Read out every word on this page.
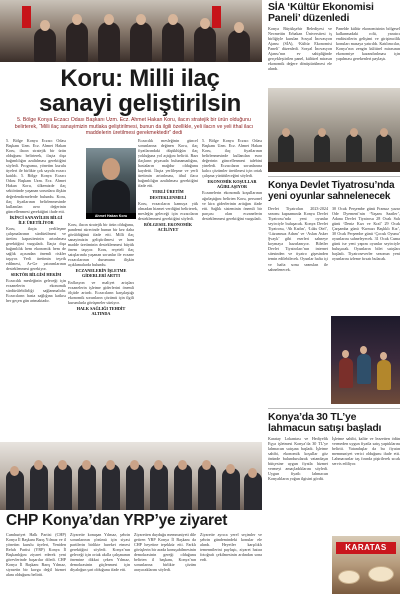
Koru: Milli ilaç
sanayi geliştirilsin
5. Bölge Konya Eczacı Odası Başkanı Uzm. Ecz. Ahmet Hakan Koru, ilacın stratejik bir ürün olduğunu belirterek, “Milli ilaç sanayimizin mutlaka geliştirilmesi, bunun da ilgili özellikle, yeli ilacın ve yeli ithal ilacı maddelerin üretilmesi gerekmektedir” dedi
5. Bölge Konya Eczacı Odası Başkanı Uzm. Ecz. Ahmet Hakan Koru, ilacın stratejik bir ürün olduğunu belirterek, ilaçta dışa bağımlılığın azaltılması gerektiğini söyledi. Programa, yönetim kurulu üyeleri ile birlikte çok sayıda eczacı katıldı. 5. Bölge Konya Eczacı Odası Başkanı Uzm. Ecz. Ahmet Hakan Koru, ülkemizde ilaç sektöründe yaşanan sorunlara ilişkin değerlendirmelerde bulundu. Koru, ilaç fiyatlarının belirlenmesinde kullanılan avro değerinin güncellenmesi gerektiğini ifade etti.
İKİNCİ SANAYİLER BİLGİ İLE ÜRETİLİYOR
Koru, ilaçta yerlileşme çalışmalarının sürdürülmesi ve üretim kapasitesinin artırılması gerektiğini vurguladı. İlaçta dışa bağımlılık hem ekonomik hem de sağlık açısından önemli riskler taşıyor. Yerli üretimin teşvik edilmesi, Ar-Ge yatırımlarının desteklenmesi gerekiyor.
SEKTÖR BİLGİSİ HEKİM
Eczacılık mesleğinin geleceği için eczanelerin ekonomik sürdürülebilirliği sağlanmalıdır. Eczacıların hasta sağlığına katkısı her geçen gün artmaktadır.
Ahmet Hakan Koru
Koru, ilacın stratejik bir ürün olduğunu, pandemi sürecinde bunun bir kez daha görüldüğünü ifade etti. Milli ilaç sanayimizin geliştirilmesi ve ham madde üretiminin desteklenmesi büyük önem taşıyor. Koru, reçeteli ilaç satışlarında yaşanan sorunlar ile eczane eczacılarının durumuna ilişkin açıklamalarda bulundu.
ECZANELERİN İŞLETME GİDERLERİ ARTTI
Enflasyon ve maliyet artışları eczanelerin işletme giderlerini önemli ölçüde artırdı. Eczacıların karşılaştığı ekonomik sorunların çözümü için ilgili kurumlarla görüşmeler sürüyor.
HALK SAĞLIĞI TEHDİT ALTINDA
Eczacılık mesleğinin güncel sorunlarına değinen Koru, ilaç fiyatlarındaki düşüklüğün ilaç yokluğuna yol açtığını belirtti. Bazı ilaçların piyasada bulunamadığını, hastaların mağdur olduğunu kaydetti. İlaçta yerlileşme ve yerli üretimin artırılması, ithal ilaca bağımlılığın azaltılması gerektiğini ifade etti.
YERLİ ÜRETİM DESTEKLENMELİ
Koru, eczacıların kamuya yük olmadan hizmet verdiğini belirterek, mesleğin geleceği için eczacıların desteklenmesi gerektiğini söyledi.
BÖLGESEL EKONOMİK ACİLİYET
5. Bölge Konya Eczacı Odası Başkanı Uzm. Ecz. Ahmet Hakan Koru, ilaç fiyatlarının belirlenmesinde kullanılan euro değerinin güncellenmesi talebini yineledi. Eczacıların sorunlarına kalıcı çözümler üretilmesi için ortak çalışma yürütüleceğini söyledi.
EKONOMİK KOŞULLAR AĞIRLAŞIYOR
Eczanelerin ekonomik koşullarının ağırlaştığını belirten Koru, personel ve kira giderlerinin arttığını ifade etti. Sağlık sisteminin önemli bir parçası olan eczanelerin desteklenmesi gerektiğini vurguladı.
CHP Konya’dan YRP’ye ziyaret
Cumhuriyet Halk Partisi (CHP) Konya İl Başkanı Barış Yılmaz ve il yönetim kurulu üyeleri, Yeniden Refah Partisi (YRP) Konya İl Başkanlığını ziyaret ederek yeni görevlerinde başarılar diledi. CHP Konya İl Başkanı Barış Yılmaz, siyasetin bir kavga değil hizmet alanı olduğunu belirtti.
Ziyarette konuşan Yılmaz, şehrin sorunlarının çözümü için siyasi partilerin birlikte hareket etmesi gerektiğini söyledi. Konya’nın geleceği için ortak akılla çalışmanın önemine dikkat çeken Yılmaz, demokrasinin güçlenmesi için diyaloğun şart olduğunu ifade etti.
Ziyaretten duyduğu memnuniyeti dile getiren YRP Konya İl Başkanı da CHP heyetine teşekkür etti. Farklı görüşlerin bir arada konuşabilmesinin demokrasinin gereği olduğunu belirten il başkanı, Konya’nın sorunlarına birlikte çözüm arayacaklarını söyledi.
Ziyarette ayrıca yerel seçimler ve şehrin gündemindeki konular ele alındı. Heyetler karşılıklı temennilerini paylaştı, ziyaret hatıra fotoğrafı çekilmesinin ardından sona erdi.
SİA ‘Kültür Ekonomisi
Paneli’ düzenledi
Konya Büyükşehir Belediyesi ve Necmettin Erbakan Üniversitesi iş birliğiyle kurulan Sosyal İnovasyon Ajansı (SİA), ‘Kültür Ekonomisi Paneli’ düzenledi. Sosyal İnovasyon Ajansı’nın ev sahipliğinde gerçekleştirilen panel, kültürel mirasın ekonomik değere dönüştürülmesi ele alındı.
Panelde kültür ekonomisinin bölgesel kalkınmadaki rolü, yaratıcı endüstrilerin gelişimi ve girişimcilik konuları masaya yatırıldı. Katılımcılar, Konya’nın zengin kültürel mirasının ekonomiye kazandırılması için yapılması gerekenleri paylaştı.
Konya Devlet Tiyatrosu’nda
yeni oyunlar sahnelenecek
Devlet Tiyatroları 2023-2024 sezonu kapsamında Konya Devlet Tiyatrosu’nda yeni oyunlar seyirciyle buluşacak. Konya Devlet Tiyatrosu, ‘Ah Kadın’, ‘Lüks Otel’, ‘Lüzumsuz Adam’ ve ‘Aslan Asker Şvayk’ gibi eserleri sahneye koymaya hazırlanıyor. Biletler Devlet Tiyatroları’nın internet sitesinden ve tiyatro gişesinden temin edilebilecek. Oyunlar hafta içi ve hafta sonu seansları ile sahnelenecek.
30 Ocak Perşembe günü Fransız yazar Ode Dyemeni’nin ‘Yaşam Saatler’, Adana Devlet Tiyatrosu 28 Ocak Salı günü ‘Deniz Kızı ve Kral’ 29 Ocak Çarşamba günü ‘Kırmızı Başlıklı Kız’, 30 Ocak Perşembe günü ‘Çocuk Oyunu’ oyunlarını sahneleyecek. 31 Ocak Cuma günü ise yeni yapım oyunlar seyirciyle buluşacak. Oyunların bilet satışları başladı. Tiyatroseverler sezonun yeni oyunlarını izleme fırsatı bulacak.
Konya’da 30 TL’ye
lahmacun satışı başladı
Karatay Lokantası ve Hediyelik Eşya işletmesi Konya’da 30 TL’ye lahmacun satışına başladı. İşletme sahibi, ekonomik koşullar göz önünde bulundurularak vatandaşın bütçesine uygun fiyatla hizmet vermeyi amaçladıklarını söyledi. Uygun fiyatlı lahmacun Konyalıların yoğun ilgisini gördü.
İşletme sahibi, kalite ve lezzetten ödün vermeden uygun fiyatla satış yaptıklarını belirtti. Vatandaşlar da bu fiyatın memnuniyet verici olduğunu ifade etti. Lahmacunlar taş fırında pişirilerek sıcak servis ediliyor.
KARATAS
